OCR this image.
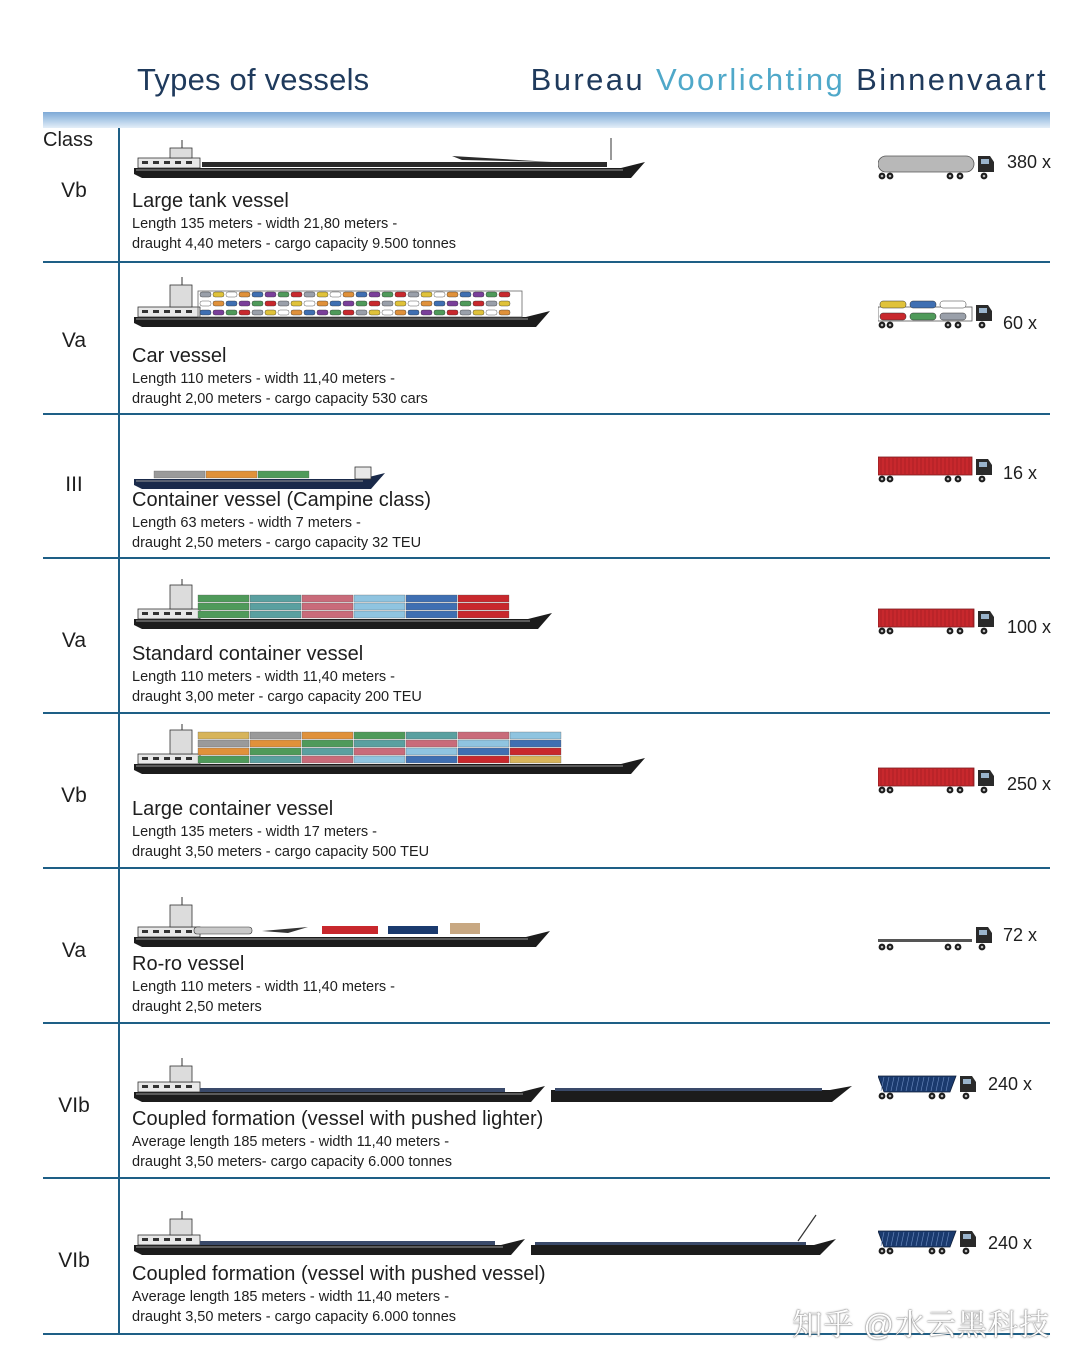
Types of vessels	Bureau Voorlichting Binnenvaart
Class
Vb	Large tank vessel
Length 135 meters - width 21,80 meters -
draught 4,40 meters - cargo capacity 9.500 tonnes
380 x
Va
Car vessel
Length 110 meters - width 11,40 meters -
draught 2,00 meters - cargo capacity 530 cars
60 x
III
Container vessel (Campine class)
Length 63 meters - width 7 meters -
draught 2,50 meters - cargo capacity 32 TEU
16 x
Va
Standard container vessel
Length 110 meters - width 11,40 meters -
draught 3,00 meter - cargo capacity 200 TEU
100 x
Vb
Large container vessel
Length 135 meters - width 17 meters -
draught 3,50 meters - cargo capacity 500 TEU
250 x
Va
Ro-ro vessel
Length 110 meters - width 11,40 meters -
draught 2,50 meters
72 x
VIb
Coupled formation (vessel with pushed lighter)
Average length 185 meters - width 11,40 meters -
draught 3,50 meters- cargo capacity 6.000 tonnes
240 x
VIb
Coupled formation (vessel with pushed vessel)
Average length 185 meters - width 11,40 meters -
draught 3,50 meters - cargo capacity 6.000 tonnes
240 x
知乎 @水云黑科技
